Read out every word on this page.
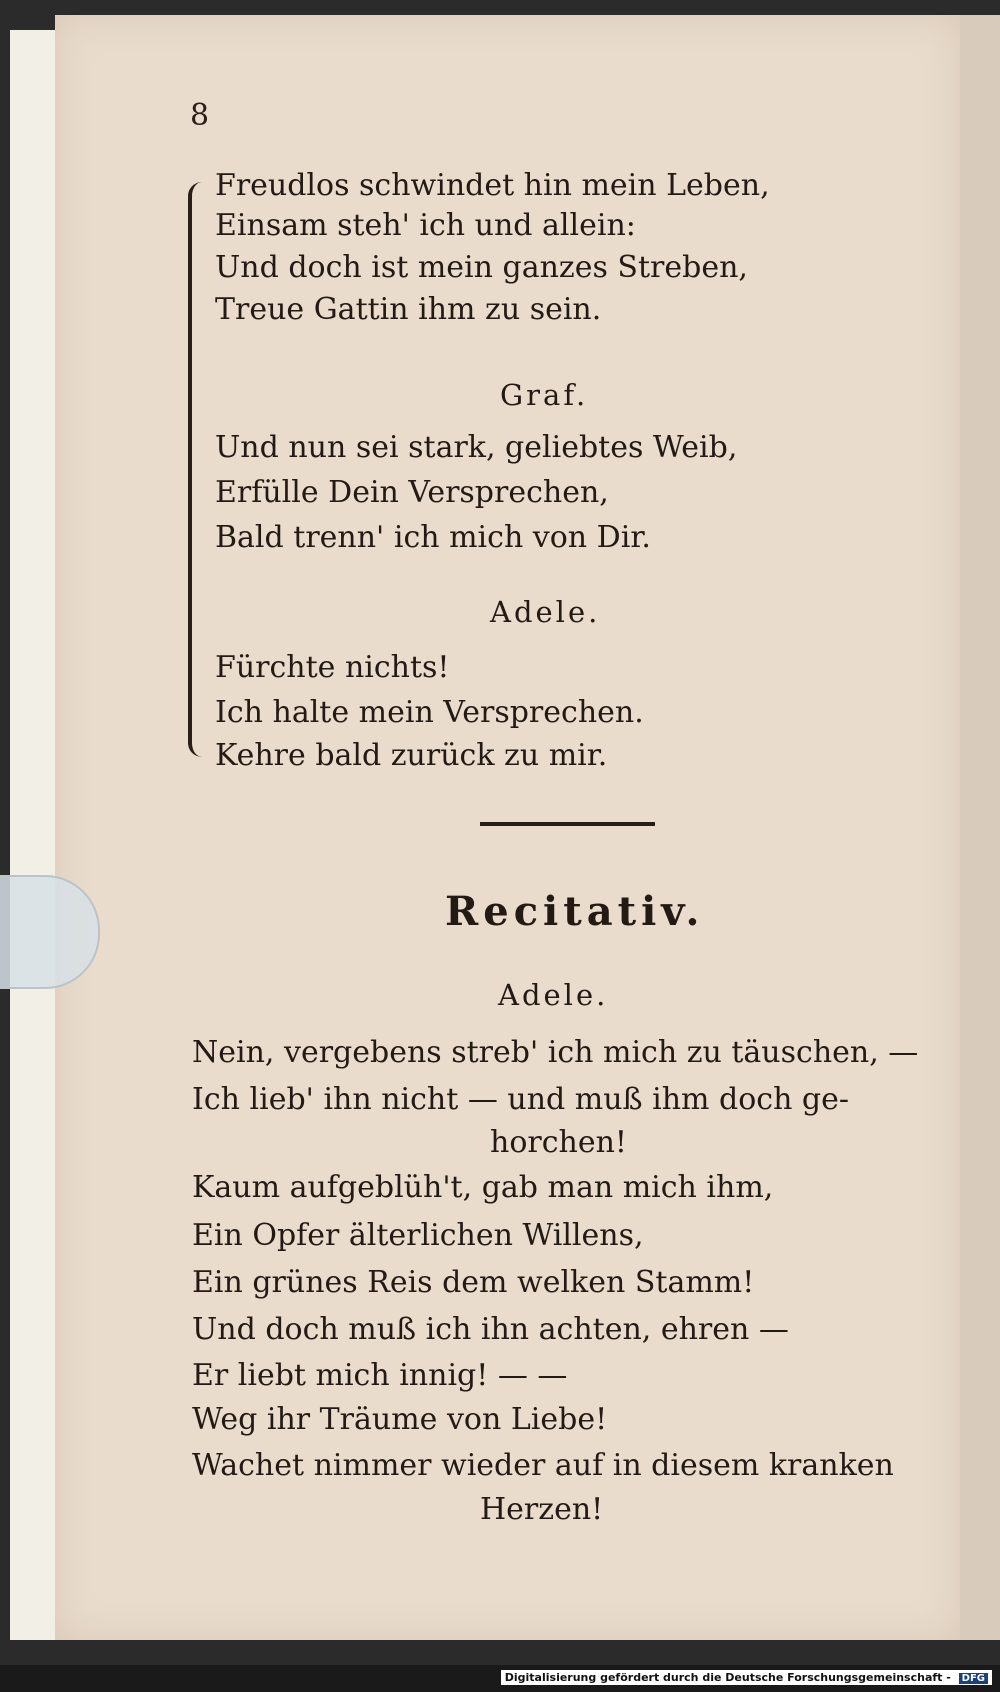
8
Freudlos schwindet hin mein Leben,
Einsam steh' ich und allein:
Und doch ist mein ganzes Streben,
Treue Gattin ihm zu sein.
Graf.
Und nun sei stark, geliebtes Weib,
Erfülle Dein Versprechen,
Bald trenn' ich mich von Dir.
Adele.
Fürchte nichts!
Ich halte mein Versprechen.
Kehre bald zurück zu mir.
Recitativ.
Adele.
Nein, vergebens streb' ich mich zu täuschen, —
Ich lieb' ihn nicht — und muß ihm doch ge-
horchen!
Kaum aufgeblüh't, gab man mich ihm,
Ein Opfer älterlichen Willens,
Ein grünes Reis dem welken Stamm!
Und doch muß ich ihn achten, ehren —
Er liebt mich innig! — —
Weg ihr Träume von Liebe!
Wachet nimmer wieder auf in diesem kranken
Herzen!
Digitalisierung gefördert durch die Deutsche Forschungsgemeinschaft - DFG
